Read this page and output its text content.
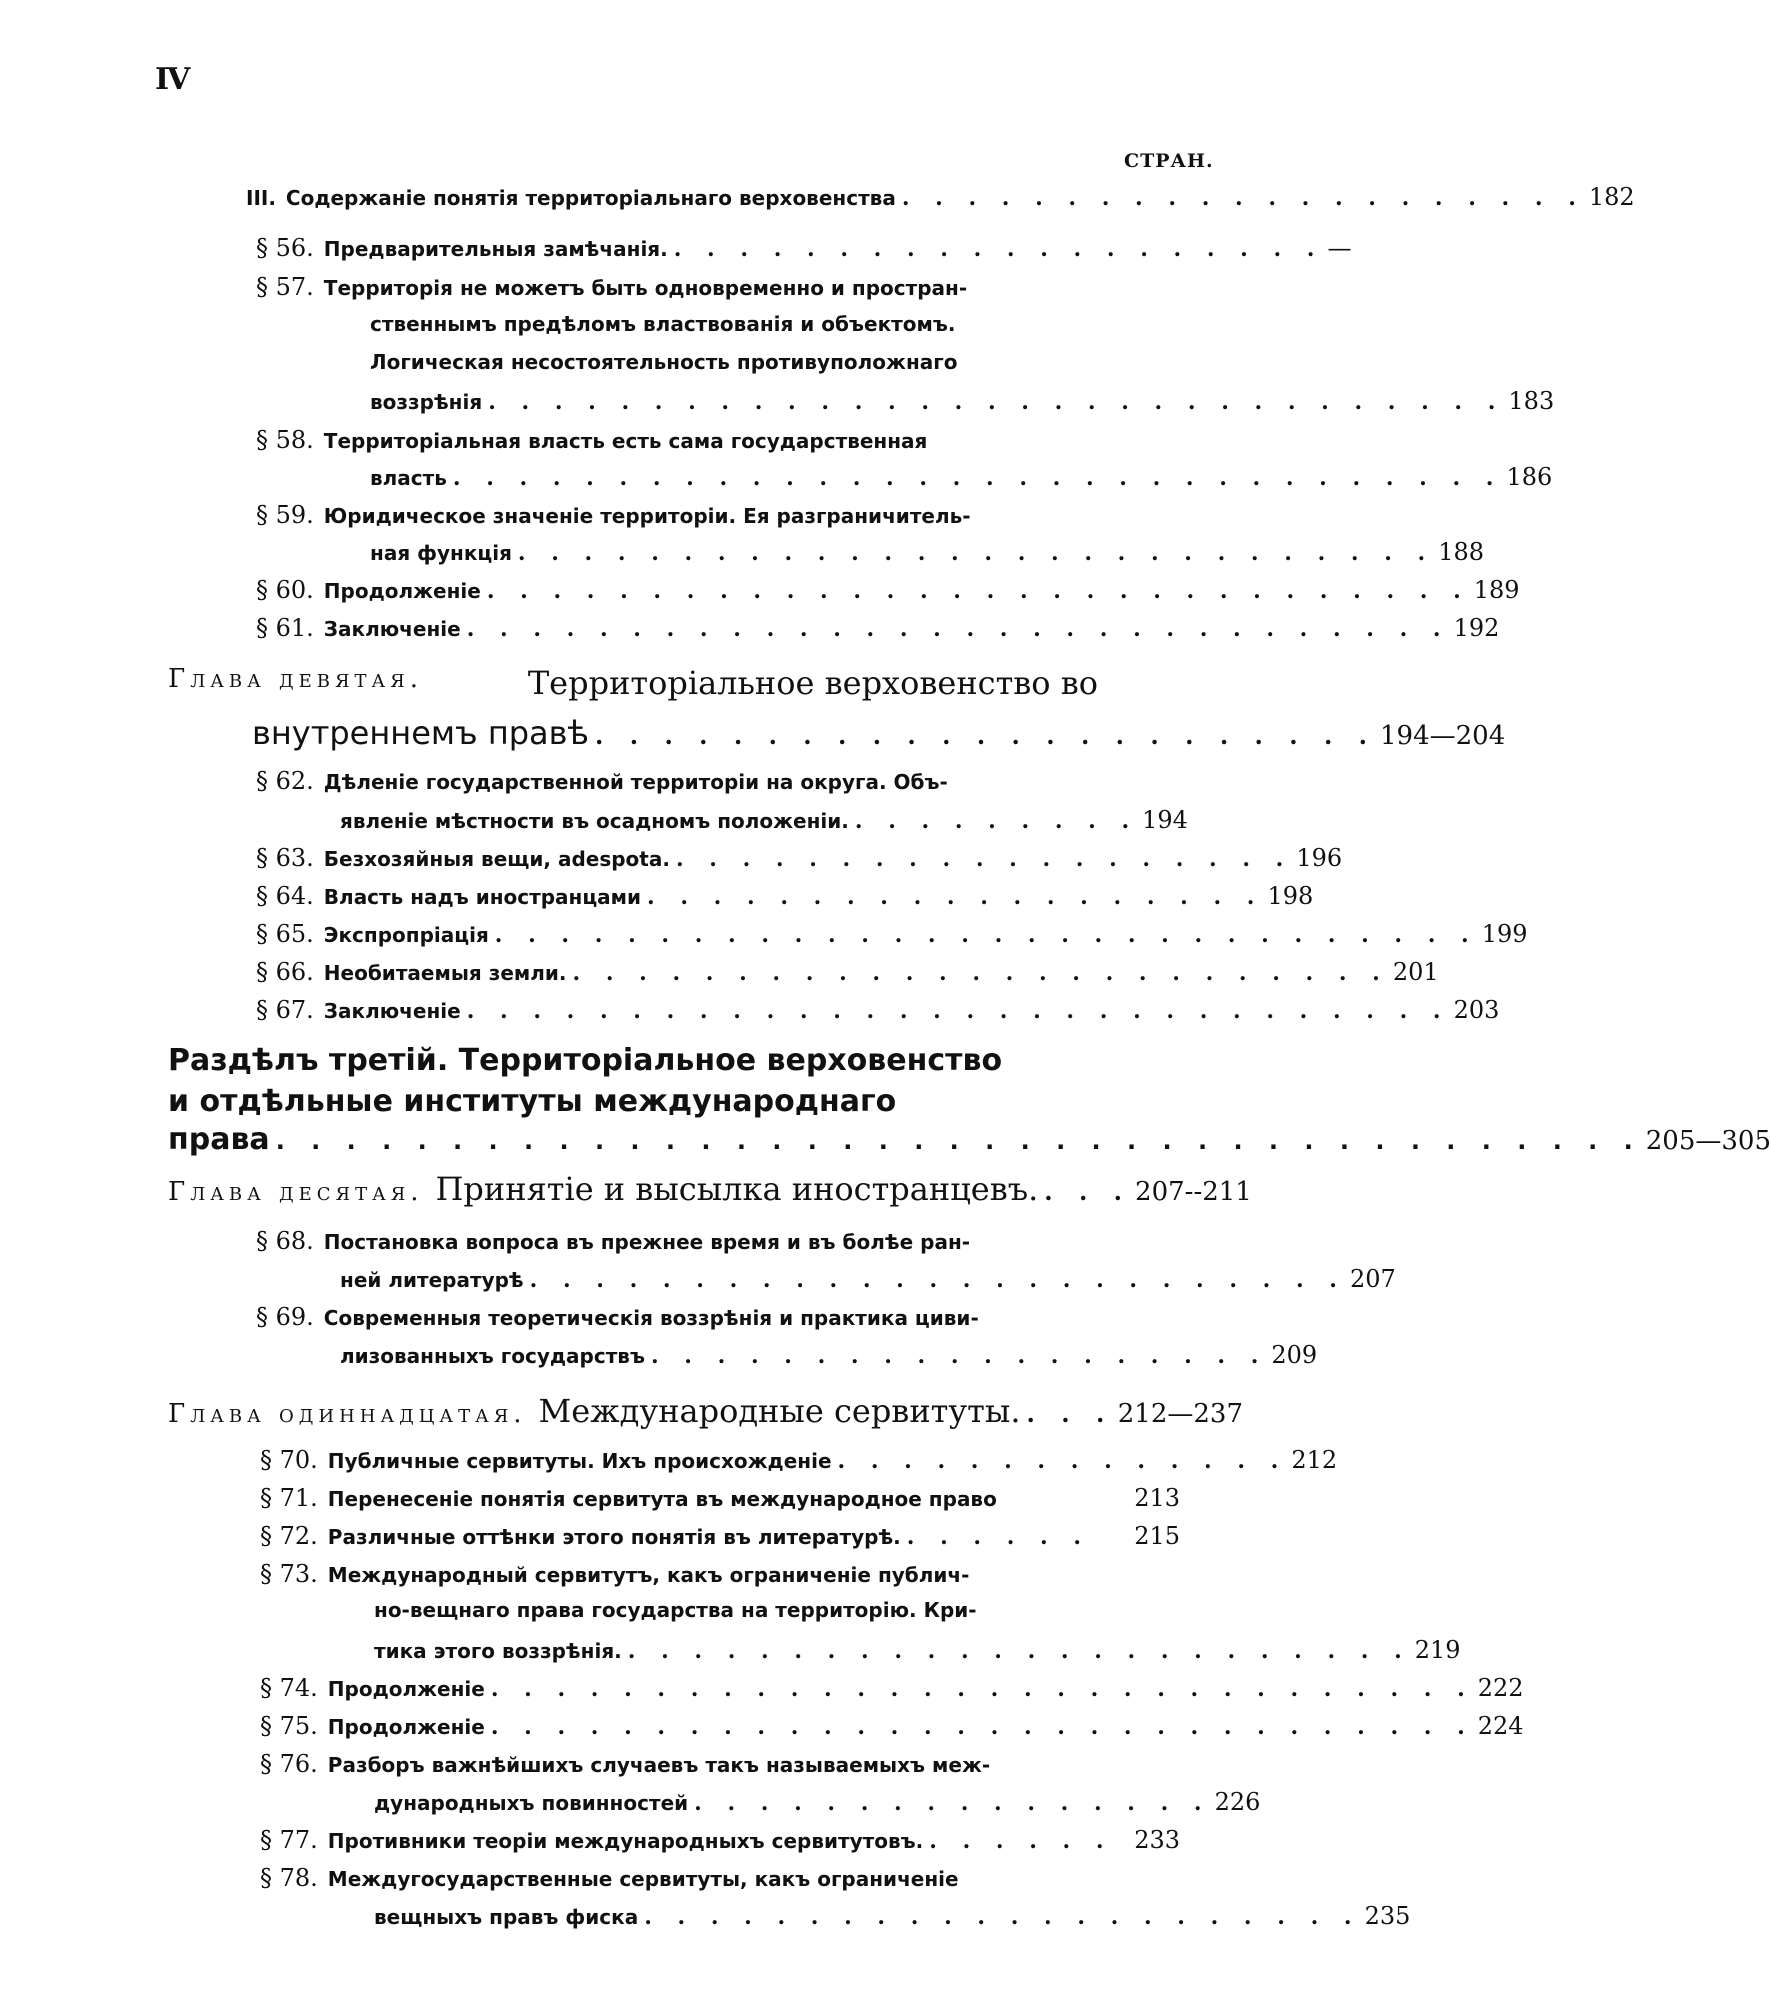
IV
СТРАН.
III. Содержаніе понятія территоріальнаго верховенства . . . . . . . . . . . . . . . . . . . . . 182
§ 56. Предварительныя замѣчанія. . . . . . . . . . . . . . . . . . . . . —
§ 57. Территорія не можетъ быть одновременно и простран-
ственнымъ предѣломъ властвованія и объектомъ.
Логическая несостоятельность противуположнаго
воззрѣнія . . . . . . . . . . . . . . . . . . . . . . . . . . . . . . . 183
§ 58. Территоріальная власть есть сама государственная
власть . . . . . . . . . . . . . . . . . . . . . . . . . . . . . . . . 186
§ 59. Юридическое значеніе территоріи. Ея разграничитель-
ная функція . . . . . . . . . . . . . . . . . . . . . . . . . . . . 188
§ 60. Продолженіе . . . . . . . . . . . . . . . . . . . . . . . . . . . . . . 189
§ 61. Заключеніе . . . . . . . . . . . . . . . . . . . . . . . . . . . . . . 192
Глава девятая.	Территоріальное верховенство во
внутреннемъ правѣ . . . . . . . . . . . . . . . . . . . . . . . 194—204
§ 62. Дѣленіе государственной территоріи на округа. Объ-
явленіе мѣстности въ осадномъ положеніи. . . . . . . . . . 194
§ 63. Безхозяйныя вещи, adespota. . . . . . . . . . . . . . . . . . . . 196
§ 64. Власть надъ иностранцами . . . . . . . . . . . . . . . . . . . 198
§ 65. Экспропріація . . . . . . . . . . . . . . . . . . . . . . . . . . . . . . 199
§ 66. Необитаемыя земли. . . . . . . . . . . . . . . . . . . . . . . . . . 201
§ 67. Заключеніе . . . . . . . . . . . . . . . . . . . . . . . . . . . . . . 203
Раздѣлъ третій. Территоріальное верховенство
и отдѣльные институты международнаго
права . . . . . . . . . . . . . . . . . . . . . . . . . . . . . . . . . . . . . . . 205—305
Глава десятая. Принятіе и высылка иностранцевъ. . . . 207--211
§ 68. Постановка вопроса въ прежнее время и въ болѣе ран-
ней литературѣ . . . . . . . . . . . . . . . . . . . . . . . . . 207
§ 69. Современныя теоретическія воззрѣнія и практика циви-
лизованныхъ государствъ . . . . . . . . . . . . . . . . . . . 209
Глава одиннадцатая. Международные сервитуты. . . . 212—237
§ 70. Публичные сервитуты. Ихъ происхожденіе . . . . . . . . . . . . . . 212
§ 71. Перенесеніе понятія сервитута въ международное право	213
§ 72. Различные оттѣнки этого понятія въ литературѣ. . . . . . .	215
§ 73. Международный сервитутъ, какъ ограниченіе публич-
но-вещнаго права государства на территорію. Кри-
тика этого воззрѣнія. . . . . . . . . . . . . . . . . . . . . . . . . 219
§ 74. Продолженіе . . . . . . . . . . . . . . . . . . . . . . . . . . . . . . 222
§ 75. Продолженіе . . . . . . . . . . . . . . . . . . . . . . . . . . . . . . 224
§ 76. Разборъ важнѣйшихъ случаевъ такъ называемыхъ меж-
дународныхъ повинностей . . . . . . . . . . . . . . . . 226
§ 77. Противники теоріи международныхъ сервитутовъ. . . . . . . 233
§ 78. Междугосударственные сервитуты, какъ ограниченіе
вещныхъ правъ фиска . . . . . . . . . . . . . . . . . . . . . . 235
